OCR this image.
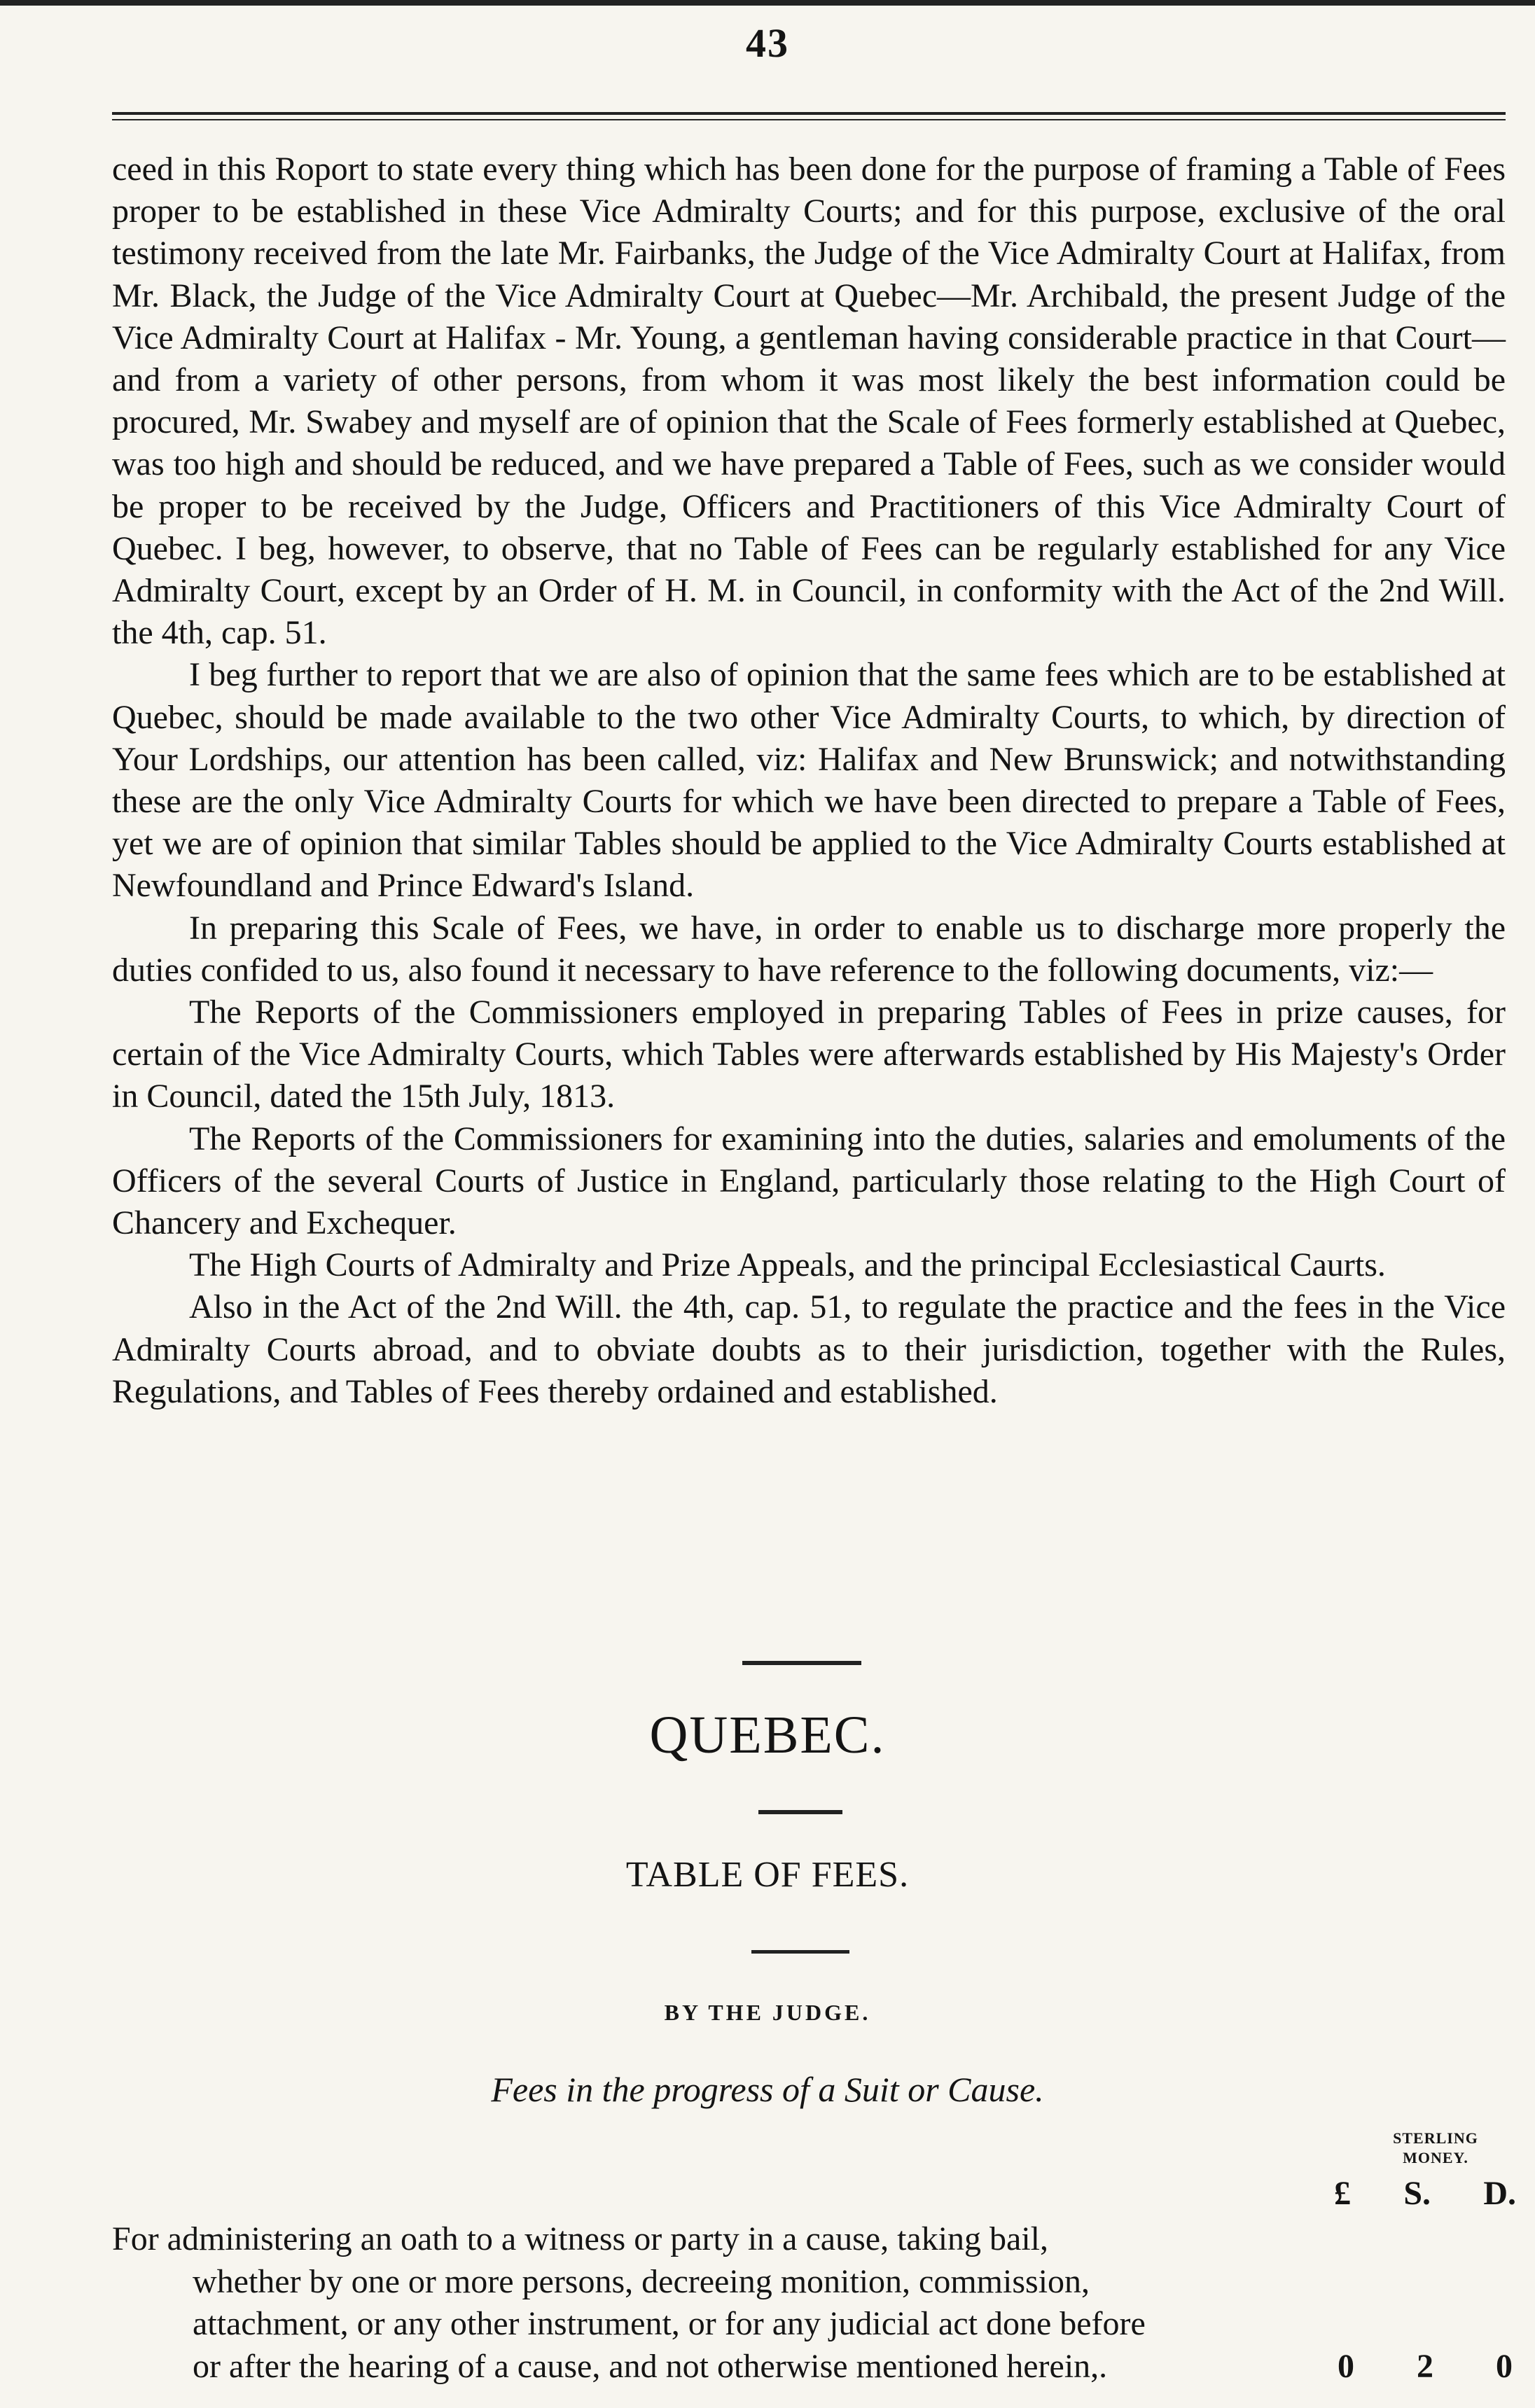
43

ceed in this Roport to state every thing which has been done for the purpose of framing a Table of Fees proper to be established in these Vice Admiralty Courts; and for this purpose, exclusive of the oral testimony received from the late Mr. Fairbanks, the Judge of the Vice Admiralty Court at Halifax, from Mr. Black, the Judge of the Vice Admiralty Court at Quebec—Mr. Archibald, the present Judge of the Vice Admiralty Court at Halifax - Mr. Young, a gentleman having considerable practice in that Court—and from a variety of other persons, from whom it was most likely the best information could be procured, Mr. Swabey and myself are of opinion that the Scale of Fees formerly established at Quebec, was too high and should be reduced, and we have prepared a Table of Fees, such as we consider would be proper to be received by the Judge, Officers and Practitioners of this Vice Admiralty Court of Quebec. I beg, however, to observe, that no Table of Fees can be regularly established for any Vice Admiralty Court, except by an Order of H. M. in Council, in conformity with the Act of the 2nd Will. the 4th, cap. 51.

I beg further to report that we are also of opinion that the same fees which are to be established at Quebec, should be made available to the two other Vice Admiralty Courts, to which, by direction of Your Lordships, our attention has been called, viz: Halifax and New Brunswick; and notwithstanding these are the only Vice Admiralty Courts for which we have been directed to prepare a Table of Fees, yet we are of opinion that similar Tables should be applied to the Vice Admiralty Courts established at Newfoundland and Prince Edward's Island.

In preparing this Scale of Fees, we have, in order to enable us to discharge more properly the duties confided to us, also found it necessary to have reference to the following documents, viz:—

The Reports of the Commissioners employed in preparing Tables of Fees in prize causes, for certain of the Vice Admiralty Courts, which Tables were afterwards established by His Majesty's Order in Council, dated the 15th July, 1813.

The Reports of the Commissioners for examining into the duties, salaries and emoluments of the Officers of the several Courts of Justice in England, particularly those relating to the High Court of Chancery and Exchequer.

The High Courts of Admiralty and Prize Appeals, and the principal Ecclesiastical Caurts.

Also in the Act of the 2nd Will. the 4th, cap. 51, to regulate the practice and the fees in the Vice Admiralty Courts abroad, and to obviate doubts as to their jurisdiction, together with the Rules, Regulations, and Tables of Fees thereby ordained and established.

QUEBEC.
TABLE OF FEES.
BY THE JUDGE.
Fees in the progress of a Suit or Cause.
STERLING
MONEY.
£ S. D.
For administering an oath to a witness or party in a cause, taking bail,
whether by one or more persons, decreeing monition, commission,
attachment, or any other instrument, or for any judicial act done before
or after the hearing of a cause, and not otherwise mentioned herein,.	0 2 0
